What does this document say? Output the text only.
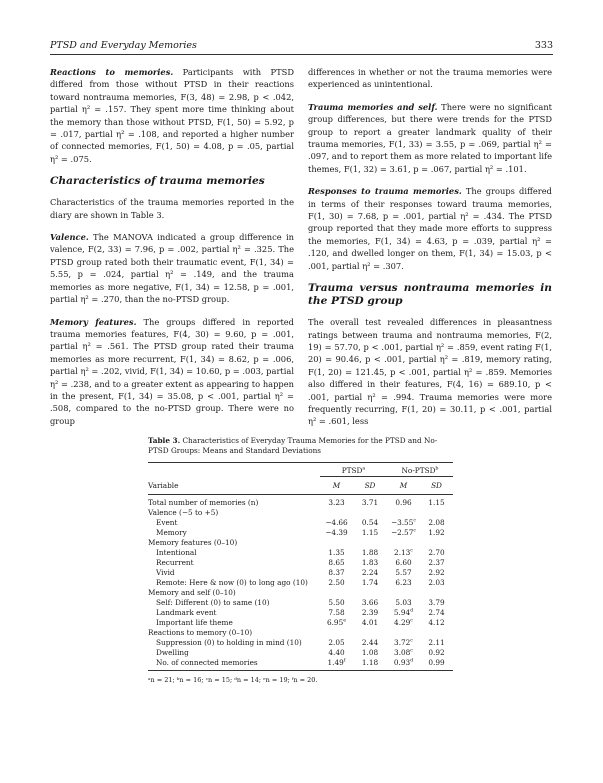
PTSD and Everyday Memories	333

Reactions to memories. Participants with PTSD differed from those without PTSD in their reactions toward nontrauma memories, F(3, 48) = 2.98, p < .042, partial η² = .157. They spent more time thinking about the memory than those without PTSD, F(1, 50) = 5.92, p = .017, partial η² = .108, and reported a higher number of connected memories, F(1, 50) = 4.08, p = .05, partial η² = .075.

Characteristics of trauma memories

Characteristics of the trauma memories reported in the diary are shown in Table 3.

Valence. The MANOVA indicated a group difference in valence, F(2, 33) = 7.96, p = .002, partial η² = .325. The PTSD group rated both their traumatic event, F(1, 34) = 5.55, p = .024, partial η² = .149, and the trauma memories as more negative, F(1, 34) = 12.58, p = .001, partial η² = .270, than the no-PTSD group.

Memory features. The groups differed in reported trauma memories features, F(4, 30) = 9.60, p = .001, partial η² = .561. The PTSD group rated their trauma memories as more recurrent, F(1, 34) = 8.62, p = .006, partial η² = .202, vivid, F(1, 34) = 10.60, p = .003, partial η² = .238, and to a greater extent as appearing to happen in the present, F(1, 34) = 35.08, p < .001, partial η² = .508, compared to the no-PTSD group. There were no group

differences in whether or not the trauma memories were experienced as unintentional.

Trauma memories and self. There were no significant group differences, but there were trends for the PTSD group to report a greater landmark quality of their trauma memories, F(1, 33) = 3.55, p = .069, partial η² = .097, and to report them as more related to important life themes, F(1, 32) = 3.61, p = .067, partial η² = .101.

Responses to trauma memories. The groups differed in terms of their responses toward trauma memories, F(1, 30) = 7.68, p = .001, partial η² = .434. The PTSD group reported that they made more efforts to suppress the memories, F(1, 34) = 4.63, p = .039, partial η² = .120, and dwelled longer on them, F(1, 34) = 15.03, p < .001, partial η² = .307.

Trauma versus nontrauma memories in the PTSD group

The overall test revealed differences in pleasantness ratings between trauma and nontrauma memories, F(2, 19) = 57.70, p < .001, partial η² = .859, event rating F(1, 20) = 90.46, p < .001, partial η² = .819, memory rating, F(1, 20) = 121.45, p < .001, partial η² = .859. Memories also differed in their features, F(4, 16) = 689.10, p < .001, partial η² = .994. Trauma memories were more frequently recurring, F(1, 20) = 30.11, p < .001, partial η² = .601, less

Table 3. Characteristics of Everyday Trauma Memories for the PTSD and No-PTSD Groups: Means and Standard Deviations
	PTSD$^a$		No-PTSD$^b$
Variable	M	SD	M	SD
Total number of memories (n)	3.23	3.71	0.96	1.15
Valence (−5 to +5)				
Event	−4.66	0.54	−3.55$^c$	2.08
Memory	−4.39	1.15	−2.57$^c$	1.92
Memory features (0–10)				
Intentional	1.35	1.88	2.13$^c$	2.70
Recurrent	8.65	1.83	6.60	2.37
Vivid	8.37	2.24	5.57	2.92
Remote: Here & now (0) to long ago (10)	2.50	1.74	6.23	2.03
Memory and self (0–10)				
Self: Different (0) to same (10)	5.50	3.66	5.03	3.79
Landmark event	7.58	2.39	5.94$^d$	2.74
Important life theme	6.95e	4.01	4.29$^c$	4.12
Reactions to memory (0–10)				
Suppression (0) to holding in mind (10)	2.05	2.44	3.72$^c$	2.11
Dwelling	4.40	1.08	3.08$^c$	0.92
No. of connected memories	1.49$^f$	1.18	0.93$^d$	0.99
ᵃn = 21; ᵇn = 16; ᶜn = 15; ᵈn = 14; ᵉn = 19; ᶠn = 20.
